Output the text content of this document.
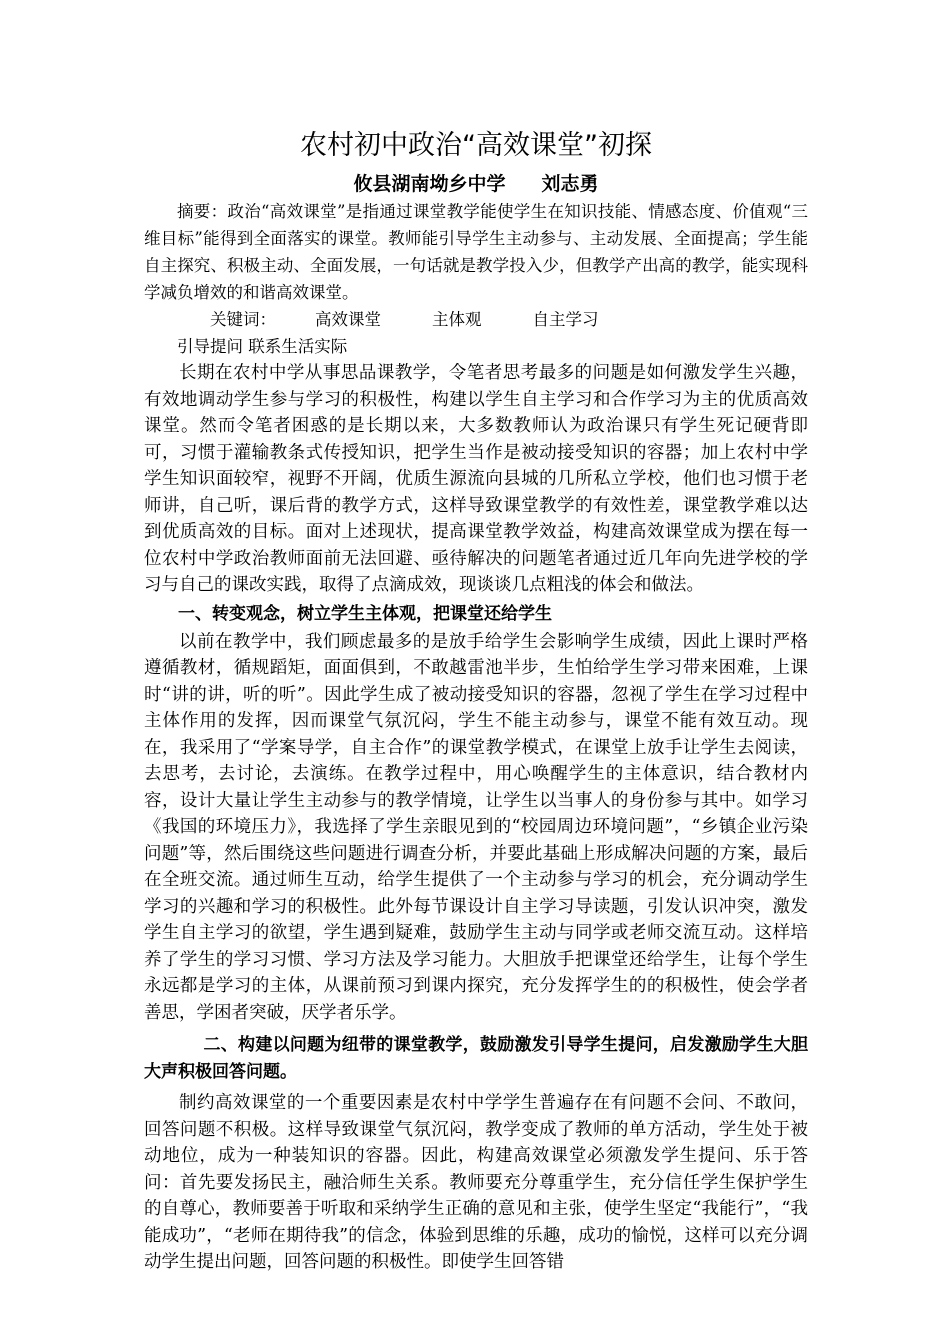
农村初中政治“高效课堂”初探

攸县湖南坳乡中学 刘志勇

摘要：政治“高效课堂”是指通过课堂教学能使学生在知识技能、情感态度、价值观“三维目标”能得到全面落实的课堂。教师能引导学生主动参与、主动发展、全面提高；学生能自主探究、积极主动、全面发展，一句话就是教学投入少，但教学产出高的教学，能实现科学减负增效的和谐高效课堂。

关键词： 高效课堂	主体观	自主学习引导提问 联系生活实际

长期在农村中学从事思品课教学，令笔者思考最多的问题是如何激发学生兴趣，有效地调动学生参与学习的积极性，构建以学生自主学习和合作学习为主的优质高效课堂。然而令笔者困惑的是长期以来，大多数教师认为政治课只有学生死记硬背即可，习惯于灌输教条式传授知识，把学生当作是被动接受知识的容器；加上农村中学学生知识面较窄，视野不开阔，优质生源流向县城的几所私立学校，他们也习惯于老师讲，自己听，课后背的教学方式，这样导致课堂教学的有效性差，课堂教学难以达到优质高效的目标。面对上述现状，提高课堂教学效益，构建高效课堂成为摆在每一位农村中学政治教师面前无法回避、亟待解决的问题笔者通过近几年向先进学校的学习与自己的课改实践，取得了点滴成效，现谈谈几点粗浅的体会和做法。

一、转变观念，树立学生主体观，把课堂还给学生

以前在教学中，我们顾虑最多的是放手给学生会影响学生成绩，因此上课时严格遵循教材，循规蹈矩，面面俱到，不敢越雷池半步，生怕给学生学习带来困难，上课时“讲的讲，听的听”。因此学生成了被动接受知识的容器，忽视了学生在学习过程中主体作用的发挥，因而课堂气氛沉闷，学生不能主动参与，课堂不能有效互动。现在，我采用了“学案导学，自主合作”的课堂教学模式，在课堂上放手让学生去阅读，去思考，去讨论，去演练。在教学过程中，用心唤醒学生的主体意识，结合教材内容，设计大量让学生主动参与的教学情境，让学生以当事人的身份参与其中。如学习《我国的环境压力》，我选择了学生亲眼见到的“校园周边环境问题”，“乡镇企业污染问题”等，然后围绕这些问题进行调查分析，并要此基础上形成解决问题的方案，最后在全班交流。通过师生互动，给学生提供了一个主动参与学习的机会，充分调动学生学习的兴趣和学习的积极性。此外每节课设计自主学习导读题，引发认识冲突，激发学生自主学习的欲望，学生遇到疑难，鼓励学生主动与同学或老师交流互动。这样培养了学生的学习习惯、学习方法及学习能力。大胆放手把课堂还给学生，让每个学生永远都是学习的主体，从课前预习到课内探究，充分发挥学生的的积极性，使会学者善思，学困者突破，厌学者乐学。

二、构建以问题为纽带的课堂教学，鼓励激发引导学生提问，启发激励学生大胆大声积极回答问题。

制约高效课堂的一个重要因素是农村中学学生普遍存在有问题不会问、不敢问，回答问题不积极。这样导致课堂气氛沉闷，教学变成了教师的单方活动，学生处于被动地位，成为一种装知识的容器。因此，构建高效课堂必须激发学生提问、乐于答问：首先要发扬民主，融洽师生关系。教师要充分尊重学生，充分信任学生保护学生的自尊心，教师要善于听取和采纳学生正确的意见和主张，使学生坚定“我能行”，“我能成功”，“老师在期待我”的信念，体验到思维的乐趣，成功的愉悦，这样可以充分调动学生提出问题，回答问题的积极性。即使学生回答错
